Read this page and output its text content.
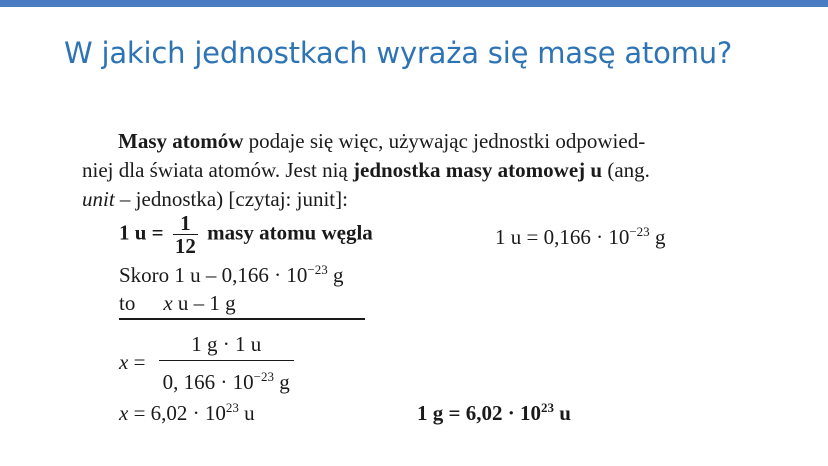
W jakich jednostkach wyraża się masę atomu?
Masy atomów podaje się więc, używając jednostki odpowied-
niej dla świata atomów. Jest nią jednostka masy atomowej u (ang.
unit – jednostka) [czytaj: junit]:
1 $u = \frac{1}{12}$ masy atomu węgla	1 $u = 0,166 \cdot 10^{-23}$ g
Skoro 1 $u - 0,166 \cdot 10^{-23}$ g
to x u – 1 g
$x = \frac{1 g \cdot 1 u}{0, 166 \cdot 10^{-23} g}$
$x = 6,02 \cdot 10^{23}$ u	1 $g = 6,02 \cdot 10^{23}$ u
